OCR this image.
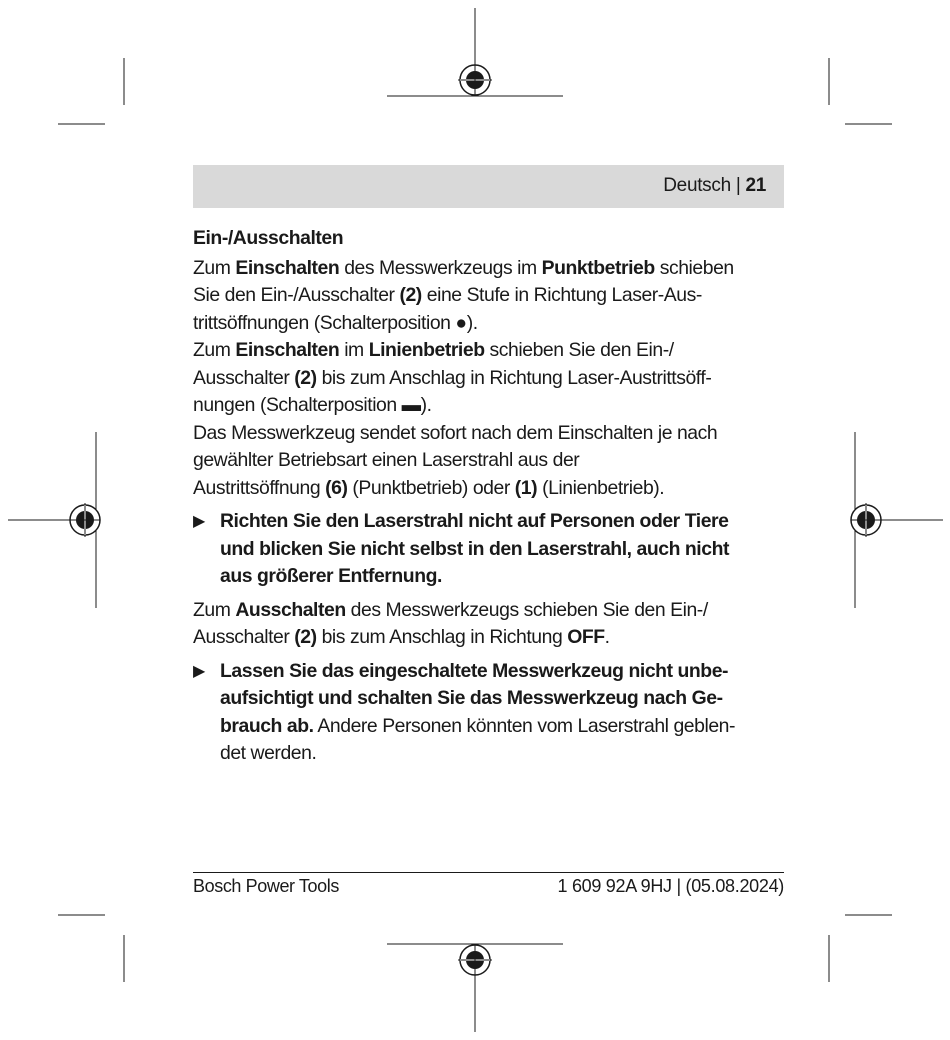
Deutsch | 21

Ein-/Ausschalten

Zum Einschalten des Messwerkzeugs im Punktbetrieb schieben
Sie den Ein-/Ausschalter (2) eine Stufe in Richtung Laser-Aus-
trittsöffnungen (Schalterposition ●).

Zum Einschalten im Linienbetrieb schieben Sie den Ein-/
Ausschalter (2) bis zum Anschlag in Richtung Laser-Austrittsöff-
nungen (Schalterposition ▬).

Das Messwerkzeug sendet sofort nach dem Einschalten je nach
gewählter Betriebsart einen Laserstrahl aus der
Austrittsöffnung (6) (Punktbetrieb) oder (1) (Linienbetrieb).

▶ Richten Sie den Laserstrahl nicht auf Personen oder Tiere
und blicken Sie nicht selbst in den Laserstrahl, auch nicht
aus größerer Entfernung.

Zum Ausschalten des Messwerkzeugs schieben Sie den Ein-/
Ausschalter (2) bis zum Anschlag in Richtung OFF.

▶ Lassen Sie das eingeschaltete Messwerkzeug nicht unbe-
aufsichtigt und schalten Sie das Messwerkzeug nach Ge-
brauch ab. Andere Personen könnten vom Laserstrahl geblen-
det werden.

Bosch Power Tools	1 609 92A 9HJ | (05.08.2024)
